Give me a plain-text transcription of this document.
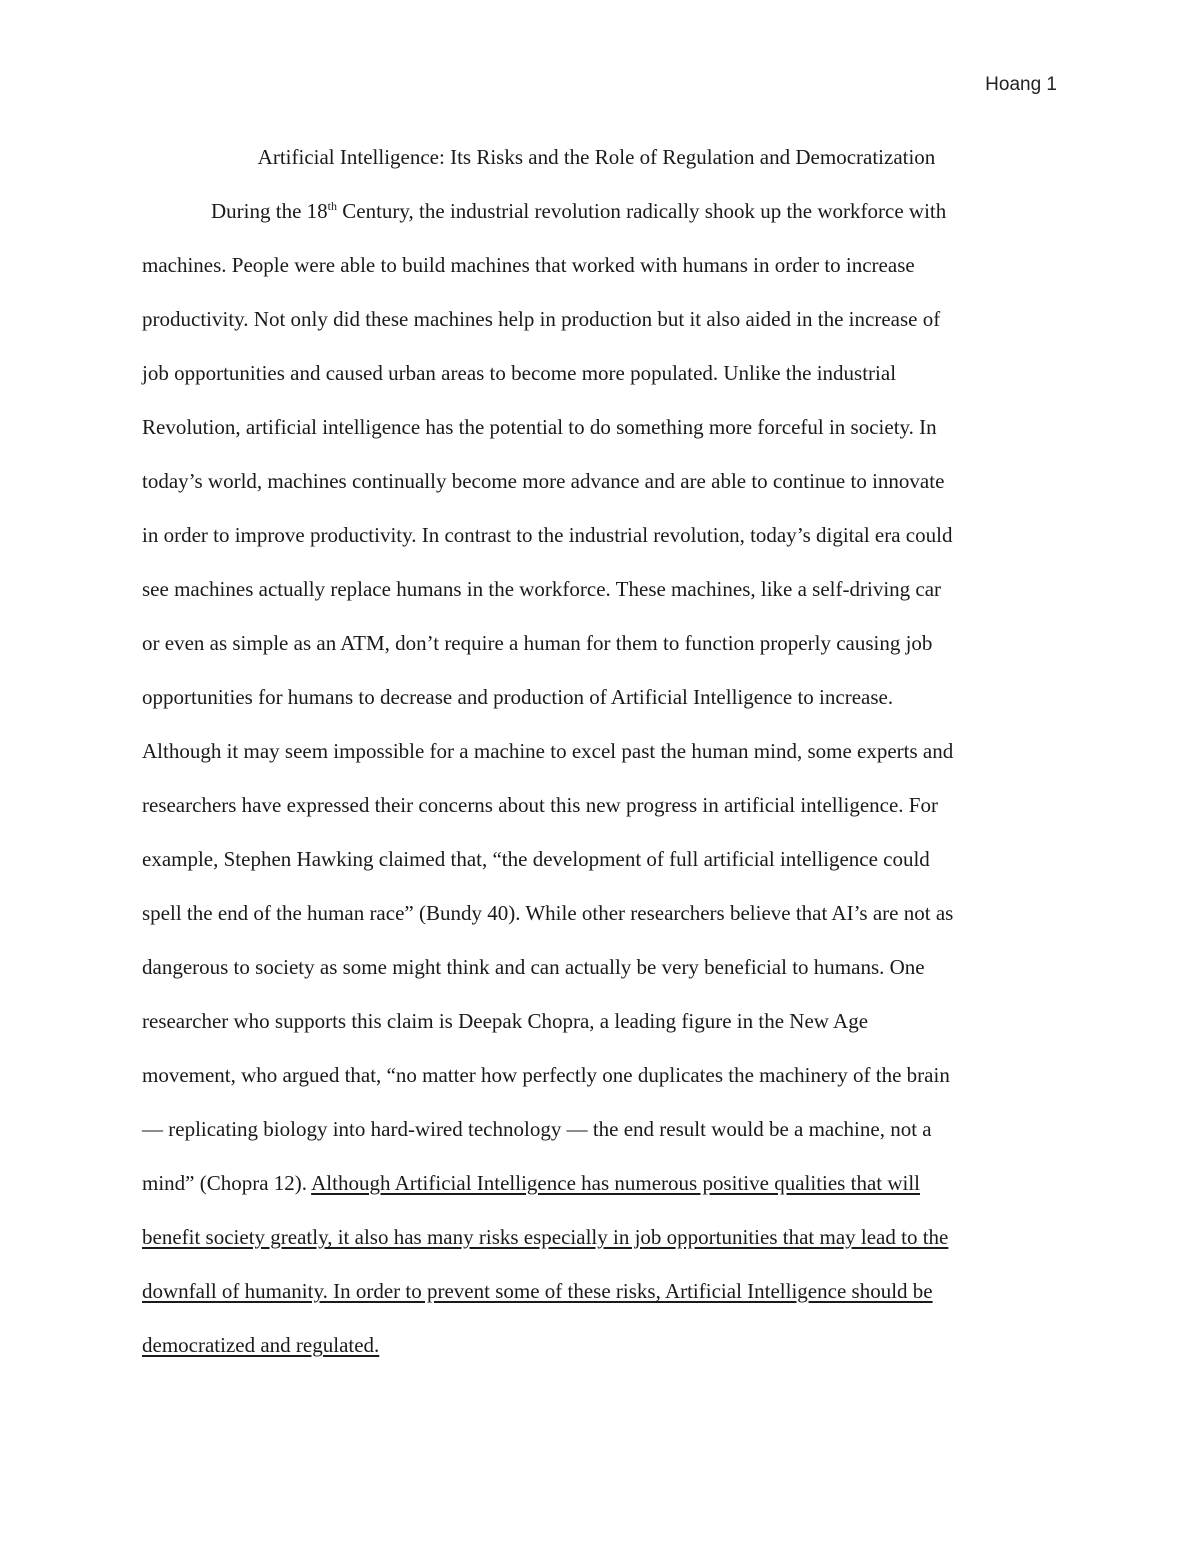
Hoang 1
Artificial Intelligence: Its Risks and the Role of Regulation and Democratization
During the 18th Century, the industrial revolution radically shook up the workforce with
machines. People were able to build machines that worked with humans in order to increase
productivity. Not only did these machines help in production but it also aided in the increase of
job opportunities and caused urban areas to become more populated. Unlike the industrial
Revolution, artificial intelligence has the potential to do something more forceful in society. In
today’s world, machines continually become more advance and are able to continue to innovate
in order to improve productivity. In contrast to the industrial revolution, today’s digital era could
see machines actually replace humans in the workforce. These machines, like a self-driving car
or even as simple as an ATM, don’t require a human for them to function properly causing job
opportunities for humans to decrease and production of Artificial Intelligence to increase.
Although it may seem impossible for a machine to excel past the human mind, some experts and
researchers have expressed their concerns about this new progress in artificial intelligence. For
example, Stephen Hawking claimed that, “the development of full artificial intelligence could
spell the end of the human race” (Bundy 40). While other researchers believe that AI’s are not as
dangerous to society as some might think and can actually be very beneficial to humans. One
researcher who supports this claim is Deepak Chopra, a leading figure in the New Age
movement, who argued that, “no matter how perfectly one duplicates the machinery of the brain
— replicating biology into hard-wired technology — the end result would be a machine, not a
mind” (Chopra 12). Although Artificial Intelligence has numerous positive qualities that will
benefit society greatly, it also has many risks especially in job opportunities that may lead to the
downfall of humanity. In order to prevent some of these risks, Artificial Intelligence should be
democratized and regulated.
